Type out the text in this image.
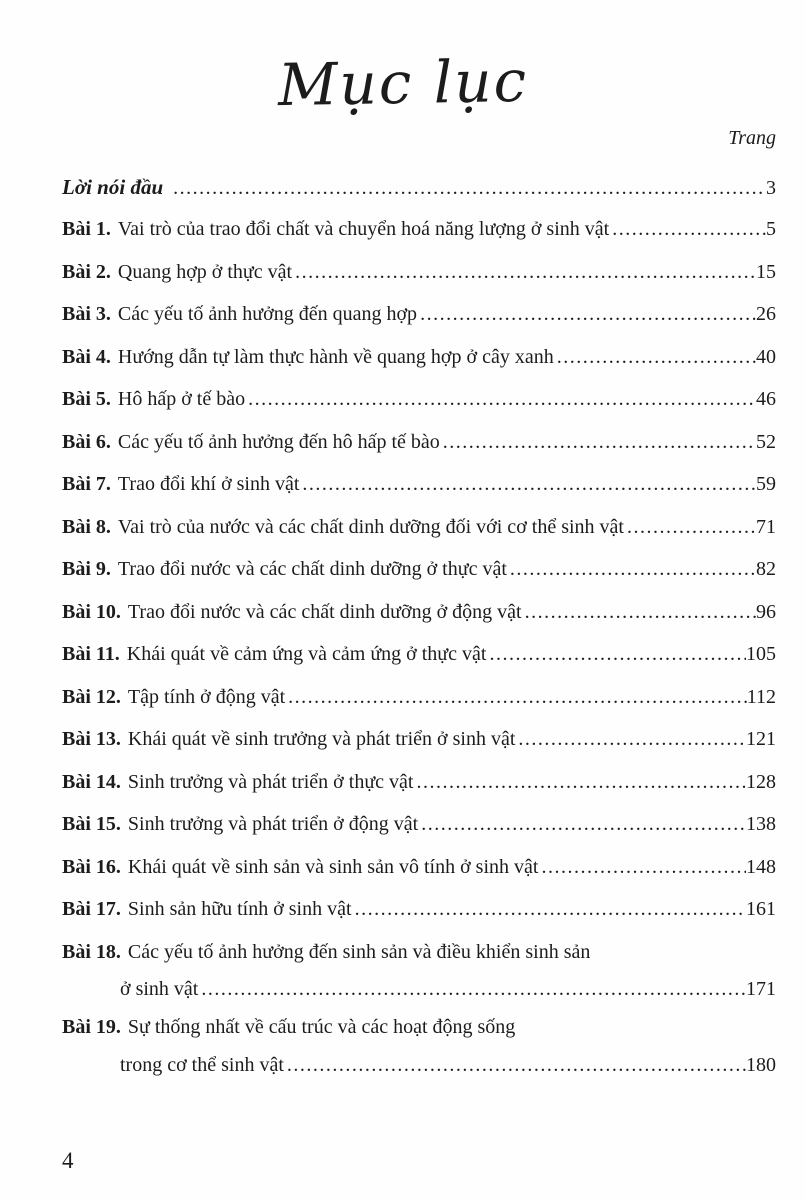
Mục lục
Trang
Lời nói đầu .....	3
Bài 1. Vai trò của trao đổi chất và chuyển hoá năng lượng ở sinh vật .....	5
Bài 2. Quang hợp ở thực vật .....	15
Bài 3. Các yếu tố ảnh hưởng đến quang hợp .....	26
Bài 4. Hướng dẫn tự làm thực hành về quang hợp ở cây xanh .....	40
Bài 5. Hô hấp ở tế bào .....	46
Bài 6. Các yếu tố ảnh hưởng đến hô hấp tế bào .....	52
Bài 7. Trao đổi khí ở sinh vật .....	59
Bài 8. Vai trò của nước và các chất dinh dưỡng đối với cơ thể sinh vật .....	71
Bài 9. Trao đổi nước và các chất dinh dưỡng ở thực vật .....	82
Bài 10. Trao đổi nước và các chất dinh dưỡng ở động vật .....	96
Bài 11. Khái quát về cảm ứng và cảm ứng ở thực vật .....	105
Bài 12. Tập tính ở động vật .....	112
Bài 13. Khái quát về sinh trưởng và phát triển ở sinh vật .....	121
Bài 14. Sinh trưởng và phát triển ở thực vật .....	128
Bài 15. Sinh trưởng và phát triển ở động vật .....	138
Bài 16. Khái quát về sinh sản và sinh sản vô tính ở sinh vật .....	148
Bài 17. Sinh sản hữu tính ở sinh vật .....	161
Bài 18. Các yếu tố ảnh hưởng đến sinh sản và điều khiển sinh sản
ở sinh vật .....	171
Bài 19. Sự thống nhất về cấu trúc và các hoạt động sống
trong cơ thể sinh vật .....	180
4
